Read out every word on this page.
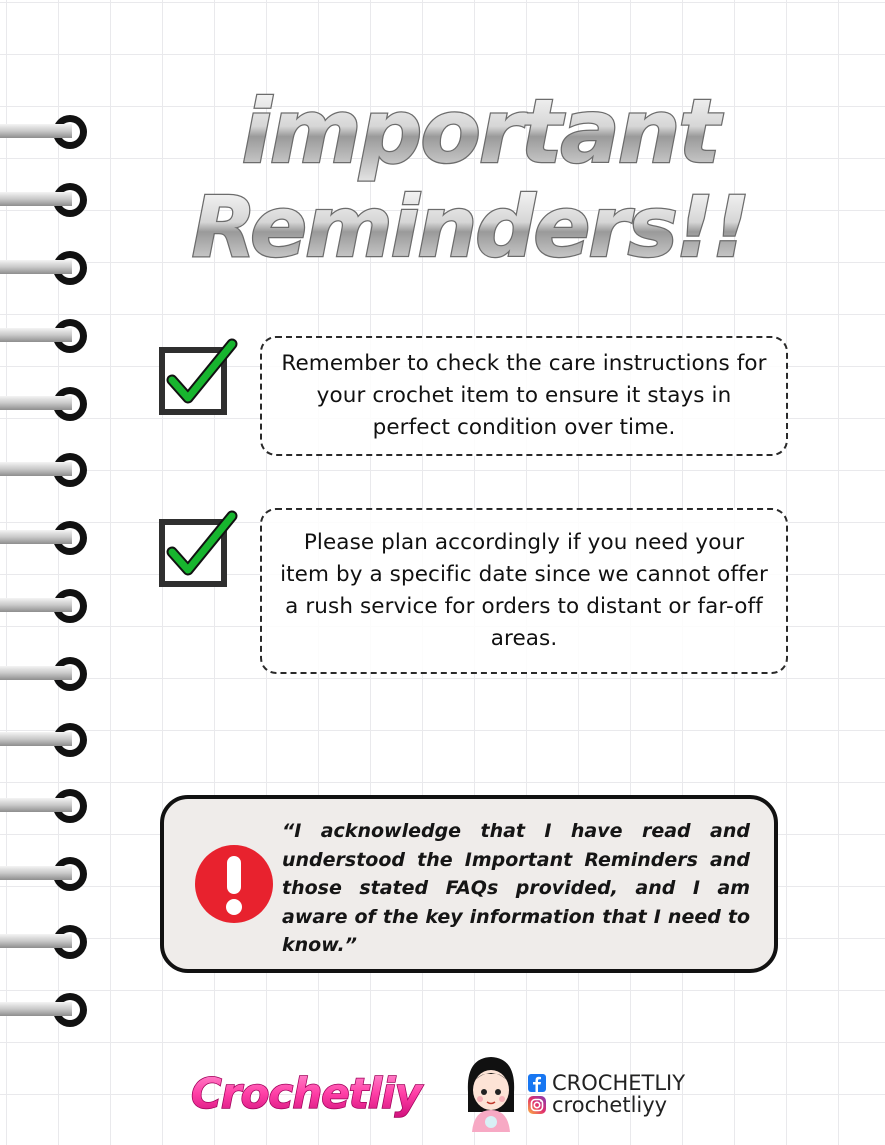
important
Reminders!!
Remember to check the care instructions for your crochet item to ensure it stays in perfect condition over time.
Please plan accordingly if you need your item by a specific date since we cannot offer a rush service for orders to distant or far-off areas.
“I acknowledge that I have read and understood the Important Reminders and those stated FAQs provided, and I am aware of the key information that I need to know.”
Crochetliy	CROCHETLIY
crochetliyy
